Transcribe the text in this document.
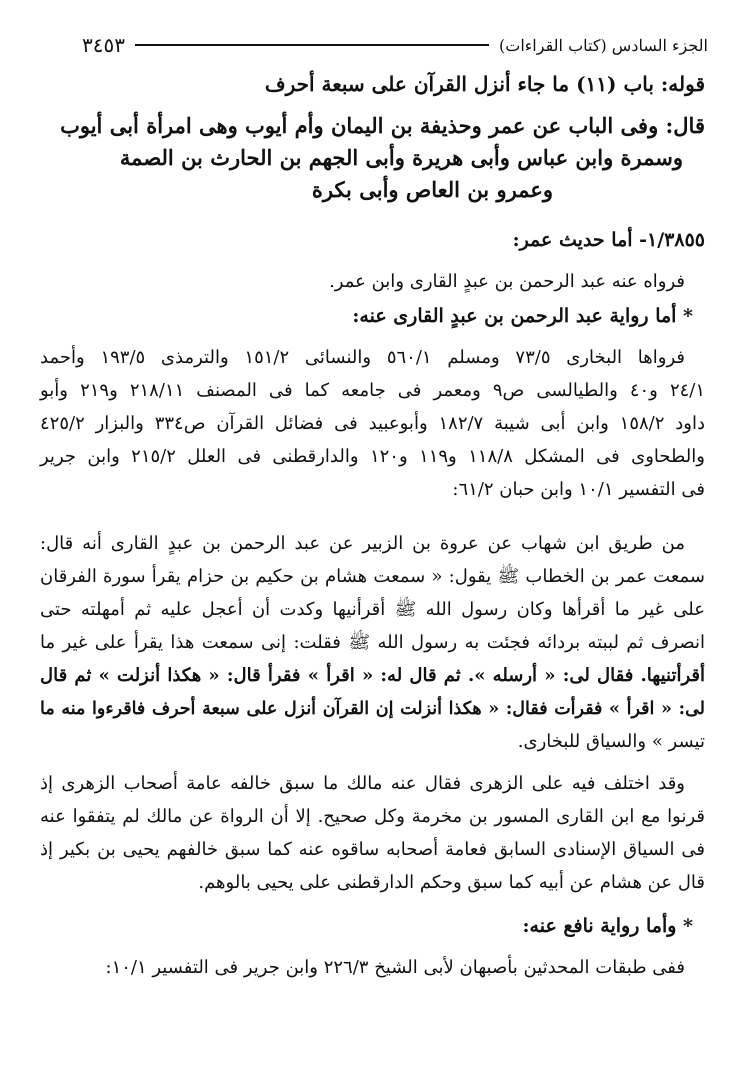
الجزء السادس (كتاب القراءات)
٣٤٥٣
قوله: باب (١١) ما جاء أنزل القرآن على سبعة أحرف
قال: وفى الباب عن عمر وحذيفة بن اليمان وأم أيوب وهى امرأة أبى أيوب
وسمرة وابن عباس وأبى هريرة وأبى الجهم بن الحارث بن الصمة
وعمرو بن العاص وأبى بكرة
١/٣٨٥٥- أما حديث عمر:
فرواه عنه عبد الرحمن بن عبدٍ القارى وابن عمر.
* أما رواية عبد الرحمن بن عبدٍ القارى عنه:
فرواها البخارى ٧٣/٥ ومسلم ٥٦٠/١ والنسائى ١٥١/٢ والترمذى ١٩٣/٥ وأحمد
٢٤/١ و٤٠ والطيالسى ص٩ ومعمر فى جامعه كما فى المصنف ٢١٨/١١ و٢١٩ وأبو
داود ١٥٨/٢ وابن أبى شيبة ١٨٢/٧ وأبوعبيد فى فضائل القرآن ص٣٣٤ والبزار ٤٢٥/٢
والطحاوى فى المشكل ١١٨/٨ و١١٩ و١٢٠ والدارقطنى فى العلل ٢١٥/٢ وابن جرير
فى التفسير ١٠/١ وابن حبان ٦١/٢:
من طريق ابن شهاب عن عروة بن الزبير عن عبد الرحمن بن عبدٍ القارى أنه قال:
سمعت عمر بن الخطاب ﷺ يقول: « سمعت هشام بن حكيم بن حزام يقرأ سورة الفرقان
على غير ما أقرأها وكان رسول الله ﷺ أقرأنيها وكدت أن أعجل عليه ثم أمهلته حتى
انصرف ثم لببته بردائه فجئت به رسول الله ﷺ فقلت: إنى سمعت هذا يقرأ على غير ما
أقرأتنيها. فقال لى: « أرسله ». ثم قال له: « اقرأ » فقرأ قال: « هكذا أنزلت » ثم قال
لى: « اقرأ » فقرأت فقال: « هكذا أنزلت إن القرآن أنزل على سبعة أحرف فاقرءوا منه ما
تيسر » والسياق للبخارى.
وقد اختلف فيه على الزهرى فقال عنه مالك ما سبق خالفه عامة أصحاب الزهرى إذ
قرنوا مع ابن القارى المسور بن مخرمة وكل صحيح. إلا أن الرواة عن مالك لم يتفقوا عنه
فى السياق الإسنادى السابق فعامة أصحابه ساقوه عنه كما سبق خالفهم يحيى بن بكير إذ
قال عن هشام عن أبيه كما سبق وحكم الدارقطنى على يحيى بالوهم.
* وأما رواية نافع عنه:
ففى طبقات المحدثين بأصبهان لأبى الشيخ ٢٢٦/٣ وابن جرير فى التفسير ١٠/١:
